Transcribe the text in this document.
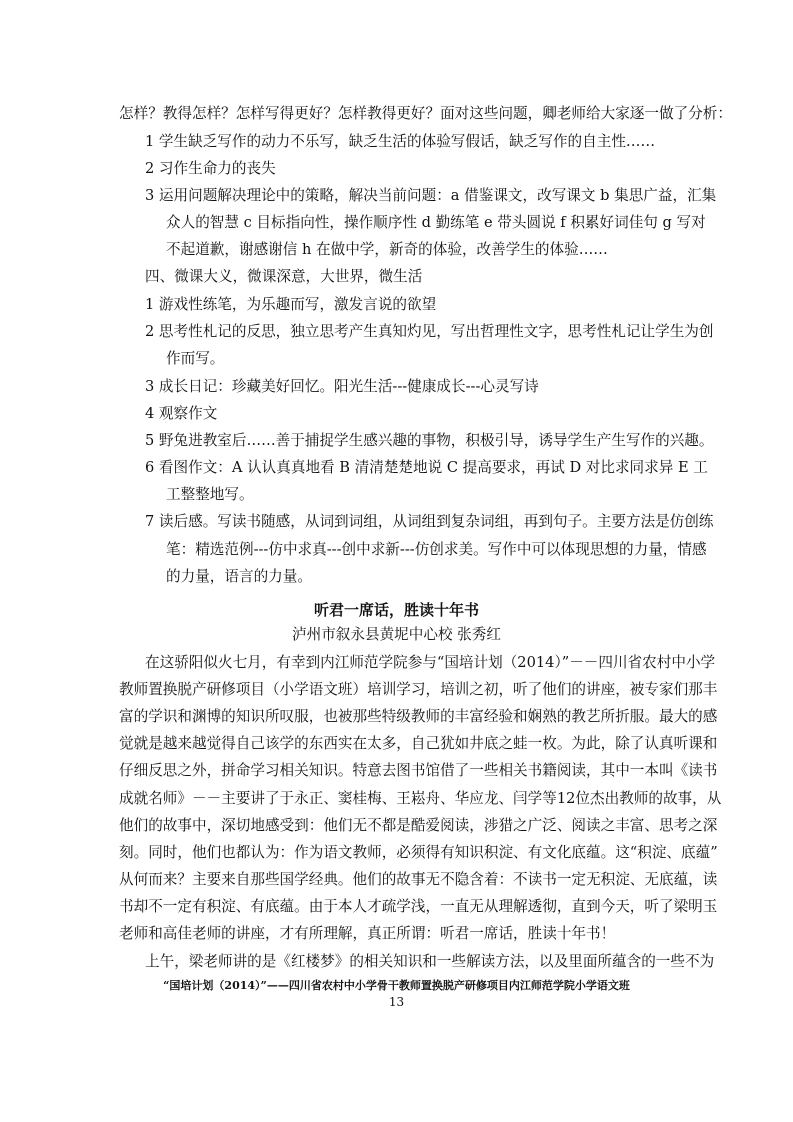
怎样？教得怎样？怎样写得更好？怎样教得更好？面对这些问题，卿老师给大家逐一做了分析：
1 学生缺乏写作的动力不乐写，缺乏生活的体验写假话，缺乏写作的自主性……
2 习作生命力的丧失
3 运用问题解决理论中的策略，解决当前问题：a 借鉴课文，改写课文 b 集思广益，汇集
众人的智慧 c 目标指向性，操作顺序性 d 勤练笔 e 带头圆说 f 积累好词佳句 g 写对
不起道歉，谢感谢信 h 在做中学，新奇的体验，改善学生的体验……
四、微课大义，微课深意，大世界，微生活
1 游戏性练笔，为乐趣而写，激发言说的欲望
2 思考性札记的反思，独立思考产生真知灼见，写出哲理性文字，思考性札记让学生为创
作而写。
3 成长日记：珍藏美好回忆。阳光生活---健康成长---心灵写诗
4 观察作文
5 野兔进教室后……善于捕捉学生感兴趣的事物，积极引导，诱导学生产生写作的兴趣。
6 看图作文：A 认认真真地看 B 清清楚楚地说 C 提高要求，再试 D 对比求同求异 E 工
工整整地写。
7 读后感。写读书随感，从词到词组，从词组到复杂词组，再到句子。主要方法是仿创练
笔：精选范例---仿中求真---创中求新---仿创求美。写作中可以体现思想的力量，情感
的力量，语言的力量。
听君一席话，胜读十年书
泸州市叙永县黄坭中心校 张秀红
在这骄阳似火七月，有幸到内江师范学院参与“国培计划（2014）”－－四川省农村中小学
教师置换脱产研修项目（小学语文班）培训学习，培训之初，听了他们的讲座，被专家们那丰
富的学识和渊博的知识所叹服，也被那些特级教师的丰富经验和娴熟的教艺所折服。最大的感
觉就是越来越觉得自己该学的东西实在太多，自己犹如井底之蛙一枚。为此，除了认真听课和
仔细反思之外，拼命学习相关知识。特意去图书馆借了一些相关书籍阅读，其中一本叫《读书
成就名师》－－主要讲了于永正、窦桂梅、王崧舟、华应龙、闫学等12位杰出教师的故事，从
他们的故事中，深切地感受到：他们无不都是酷爱阅读，涉猎之广泛、阅读之丰富、思考之深
刻。同时，他们也都认为：作为语文教师，必须得有知识积淀、有文化底蕴。这“积淀、底蕴”
从何而来？主要来自那些国学经典。他们的故事无不隐含着：不读书一定无积淀、无底蕴，读
书却不一定有积淀、有底蕴。由于本人才疏学浅，一直无从理解透彻，直到今天，听了梁明玉
老师和高佳老师的讲座，才有所理解，真正所谓：听君一席话，胜读十年书！
上午，梁老师讲的是《红楼梦》的相关知识和一些解读方法，以及里面所蕴含的一些不为
“国培计划（2014）”——四川省农村中小学骨干教师置换脱产研修项目内江师范学院小学语文班
13
